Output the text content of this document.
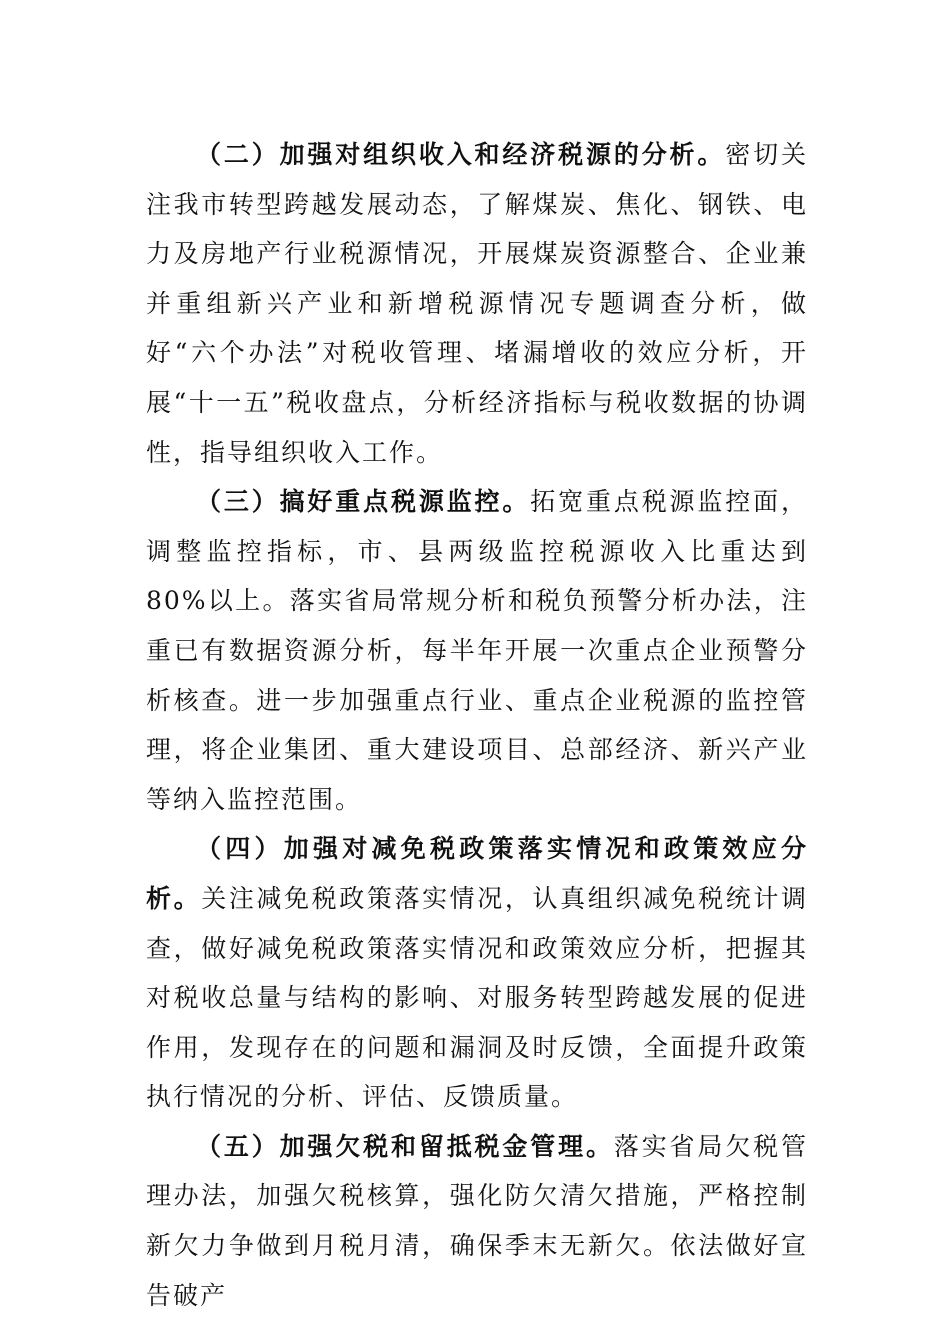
（二）加强对组织收入和经济税源的分析。密切关注我市转型跨越发展动态，了解煤炭、焦化、钢铁、电力及房地产行业税源情况，开展煤炭资源整合、企业兼并重组新兴产业和新增税源情况专题调查分析，做好“六个办法”对税收管理、堵漏增收的效应分析，开展“十一五”税收盘点，分析经济指标与税收数据的协调性，指导组织收入工作。

（三）搞好重点税源监控。拓宽重点税源监控面，调整监控指标，市、县两级监控税源收入比重达到 80%以上。落实省局常规分析和税负预警分析办法，注重已有数据资源分析，每半年开展一次重点企业预警分析核查。进一步加强重点行业、重点企业税源的监控管理，将企业集团、重大建设项目、总部经济、新兴产业等纳入监控范围。

（四）加强对减免税政策落实情况和政策效应分析。关注减免税政策落实情况，认真组织减免税统计调查，做好减免税政策落实情况和政策效应分析，把握其对税收总量与结构的影响、对服务转型跨越发展的促进作用，发现存在的问题和漏洞及时反馈，全面提升政策执行情况的分析、评估、反馈质量。

（五）加强欠税和留抵税金管理。落实省局欠税管理办法，加强欠税核算，强化防欠清欠措施，严格控制新欠力争做到月税月清，确保季末无新欠。依法做好宣告破产
